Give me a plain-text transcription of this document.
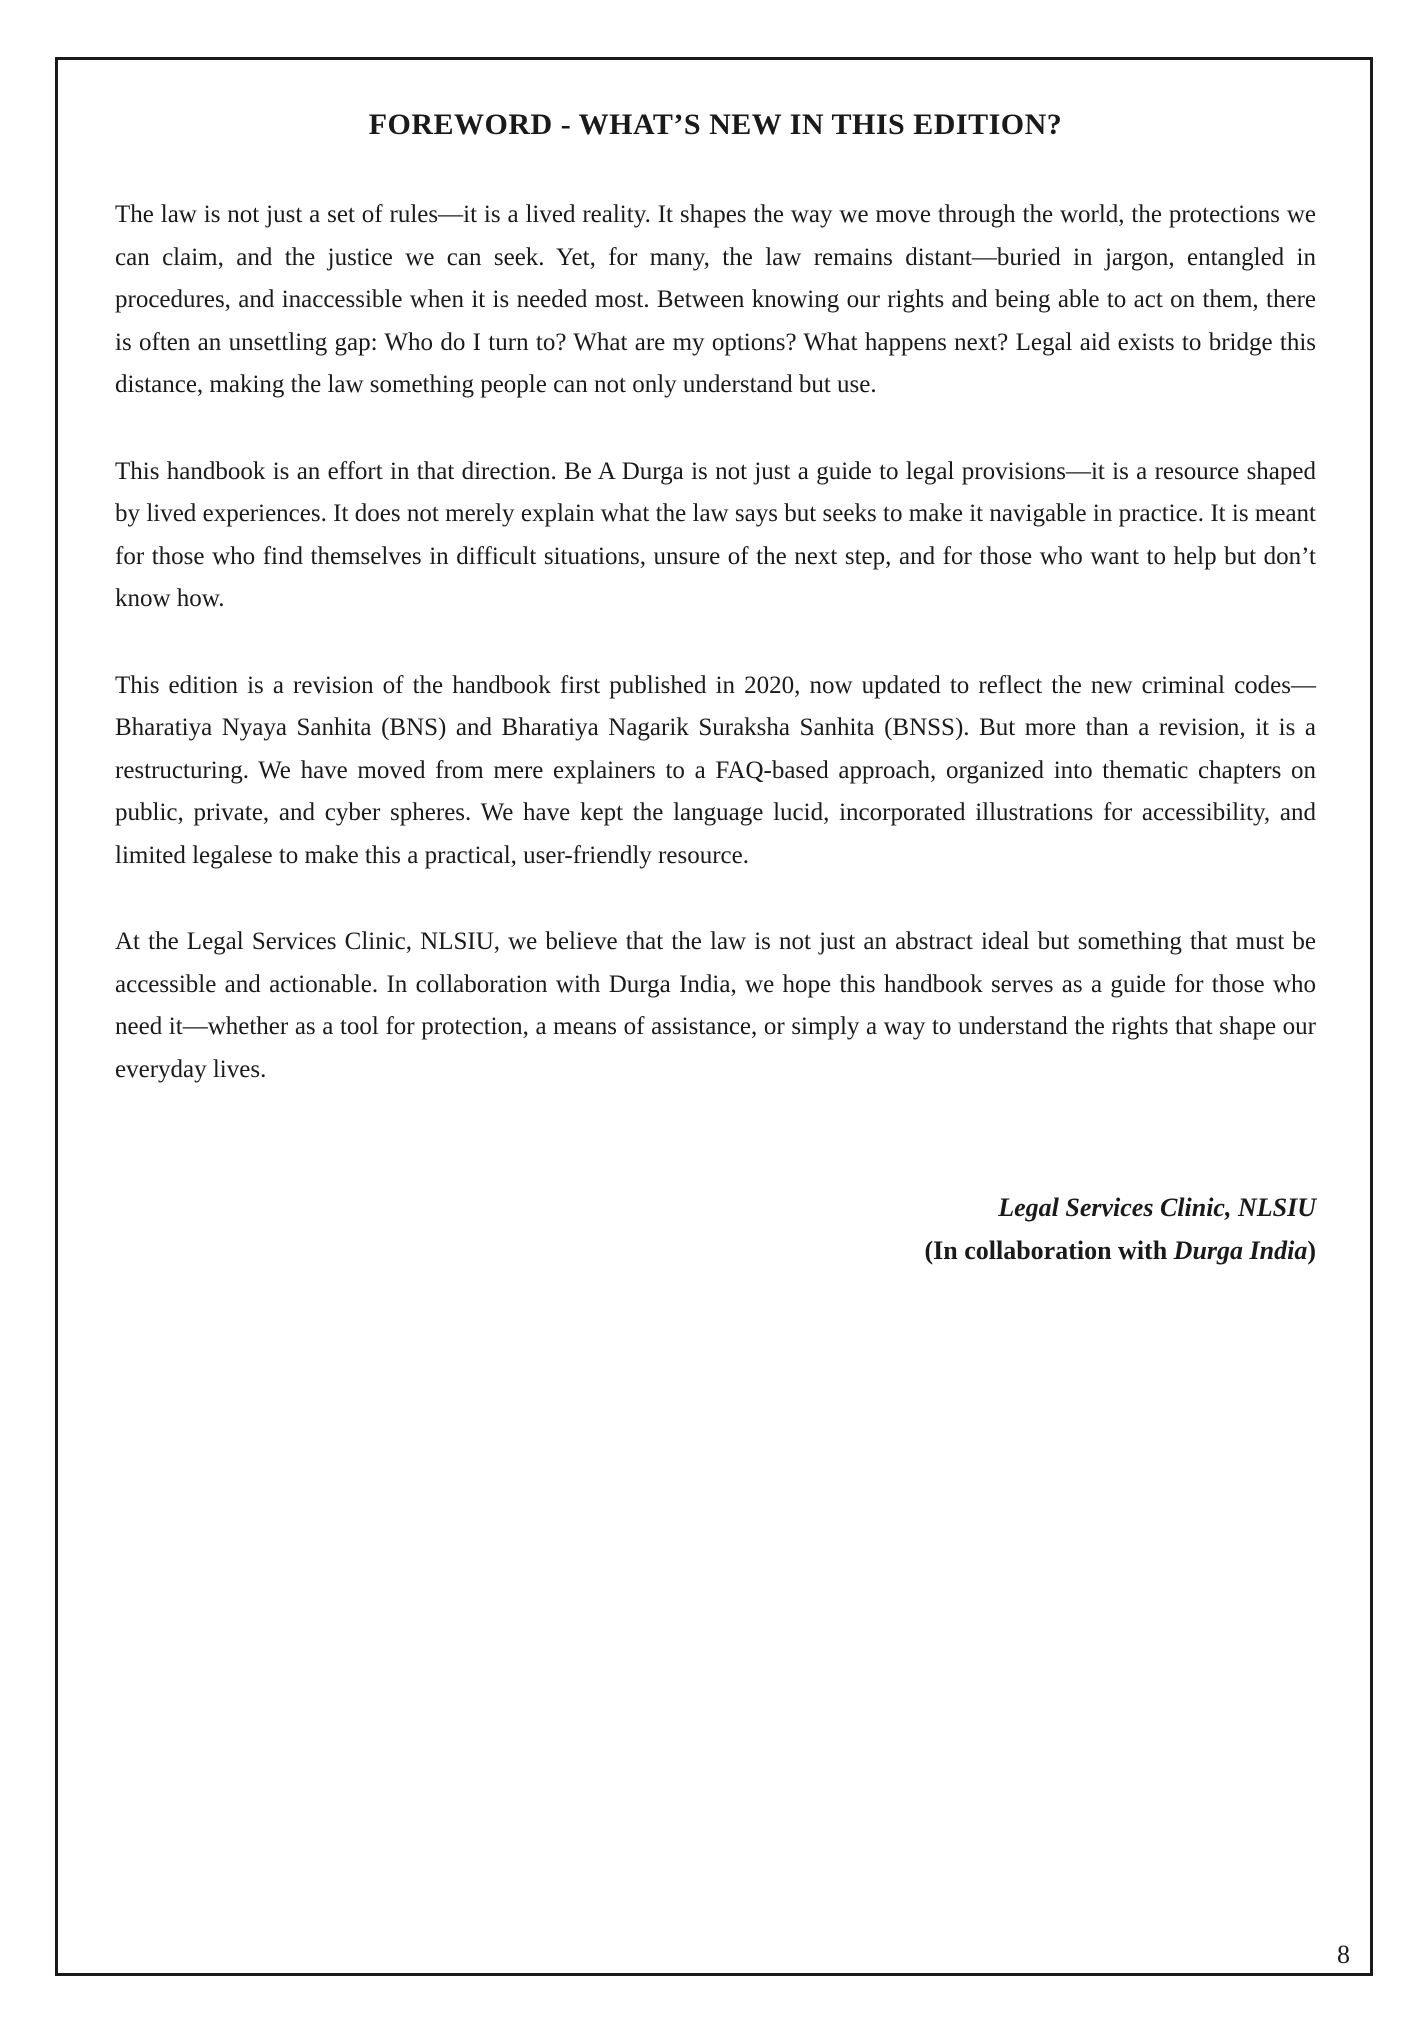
FOREWORD - WHAT’S NEW IN THIS EDITION?

The law is not just a set of rules—it is a lived reality. It shapes the way we move through the world, the protections we can claim, and the justice we can seek. Yet, for many, the law remains distant—buried in jargon, entangled in procedures, and inaccessible when it is needed most. Between knowing our rights and being able to act on them, there is often an unsettling gap: Who do I turn to? What are my options? What happens next? Legal aid exists to bridge this distance, making the law something people can not only understand but use.

This handbook is an effort in that direction. Be A Durga is not just a guide to legal provisions—it is a resource shaped by lived experiences. It does not merely explain what the law says but seeks to make it navigable in practice. It is meant for those who find themselves in difficult situations, unsure of the next step, and for those who want to help but don’t know how.

This edition is a revision of the handbook first published in 2020, now updated to reflect the new criminal codes—Bharatiya Nyaya Sanhita (BNS) and Bharatiya Nagarik Suraksha Sanhita (BNSS). But more than a revision, it is a restructuring. We have moved from mere explainers to a FAQ-based approach, organized into thematic chapters on public, private, and cyber spheres. We have kept the language lucid, incorporated illustrations for accessibility, and limited legalese to make this a practical, user-friendly resource.

At the Legal Services Clinic, NLSIU, we believe that the law is not just an abstract ideal but something that must be accessible and actionable. In collaboration with Durga India, we hope this handbook serves as a guide for those who need it—whether as a tool for protection, a means of assistance, or simply a way to understand the rights that shape our everyday lives.

Legal Services Clinic, NLSIU
(In collaboration with Durga India)
8
